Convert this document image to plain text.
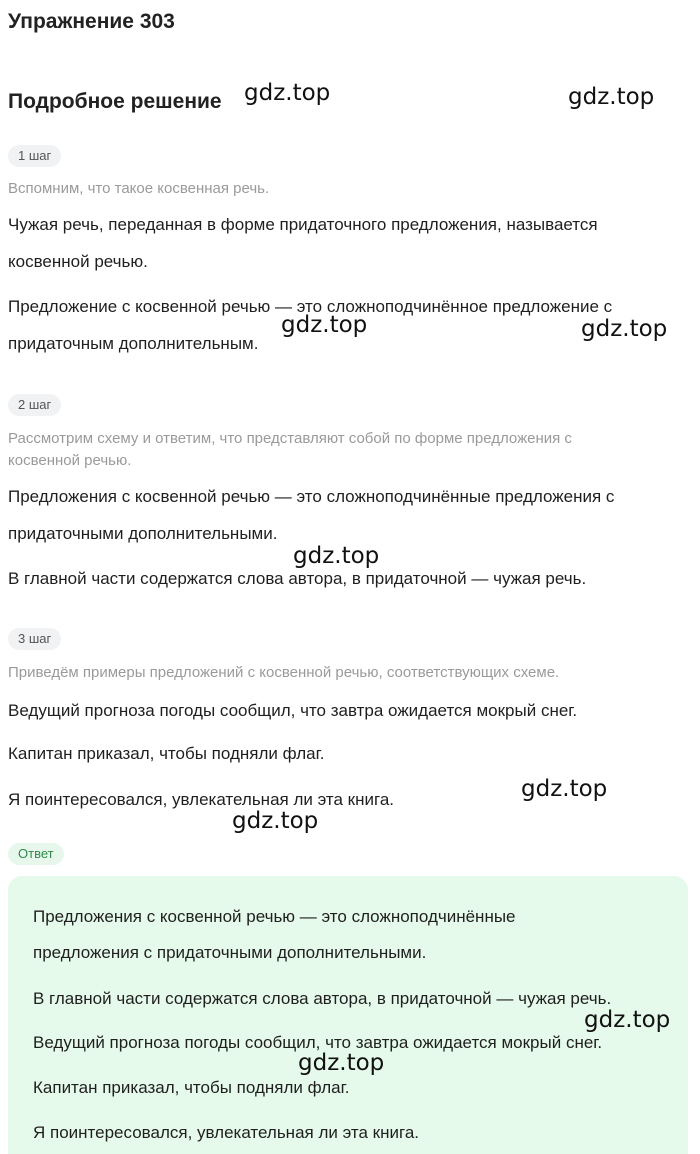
Упражнение 303
Подробное решение
1 шаг
Вспомним, что такое косвенная речь.
Чужая речь, переданная в форме придаточного предложения, называется косвенной речью.
Предложение с косвенной речью — это сложноподчинённое предложение с придаточным дополнительным.
2 шаг
Рассмотрим схему и ответим, что представляют собой по форме предложения с косвенной речью.
Предложения с косвенной речью — это сложноподчинённые предложения с придаточными дополнительными.
В главной части содержатся слова автора, в придаточной — чужая речь.
3 шаг
Приведём примеры предложений с косвенной речью, соответствующих схеме.
Ведущий прогноза погоды сообщил, что завтра ожидается мокрый снег.
Капитан приказал, чтобы подняли флаг.
Я поинтересовался, увлекательная ли эта книга.
Ответ
Предложения с косвенной речью — это сложноподчинённые предложения с придаточными дополнительными.
В главной части содержатся слова автора, в придаточной — чужая речь.
Ведущий прогноза погоды сообщил, что завтра ожидается мокрый снег.
Капитан приказал, чтобы подняли флаг.
Я поинтересовался, увлекательная ли эта книга.
gdz.top	gdz.top
gdz.top	gdz.top
gdz.top
gdz.top
gdz.top
gdz.top
gdz.top
